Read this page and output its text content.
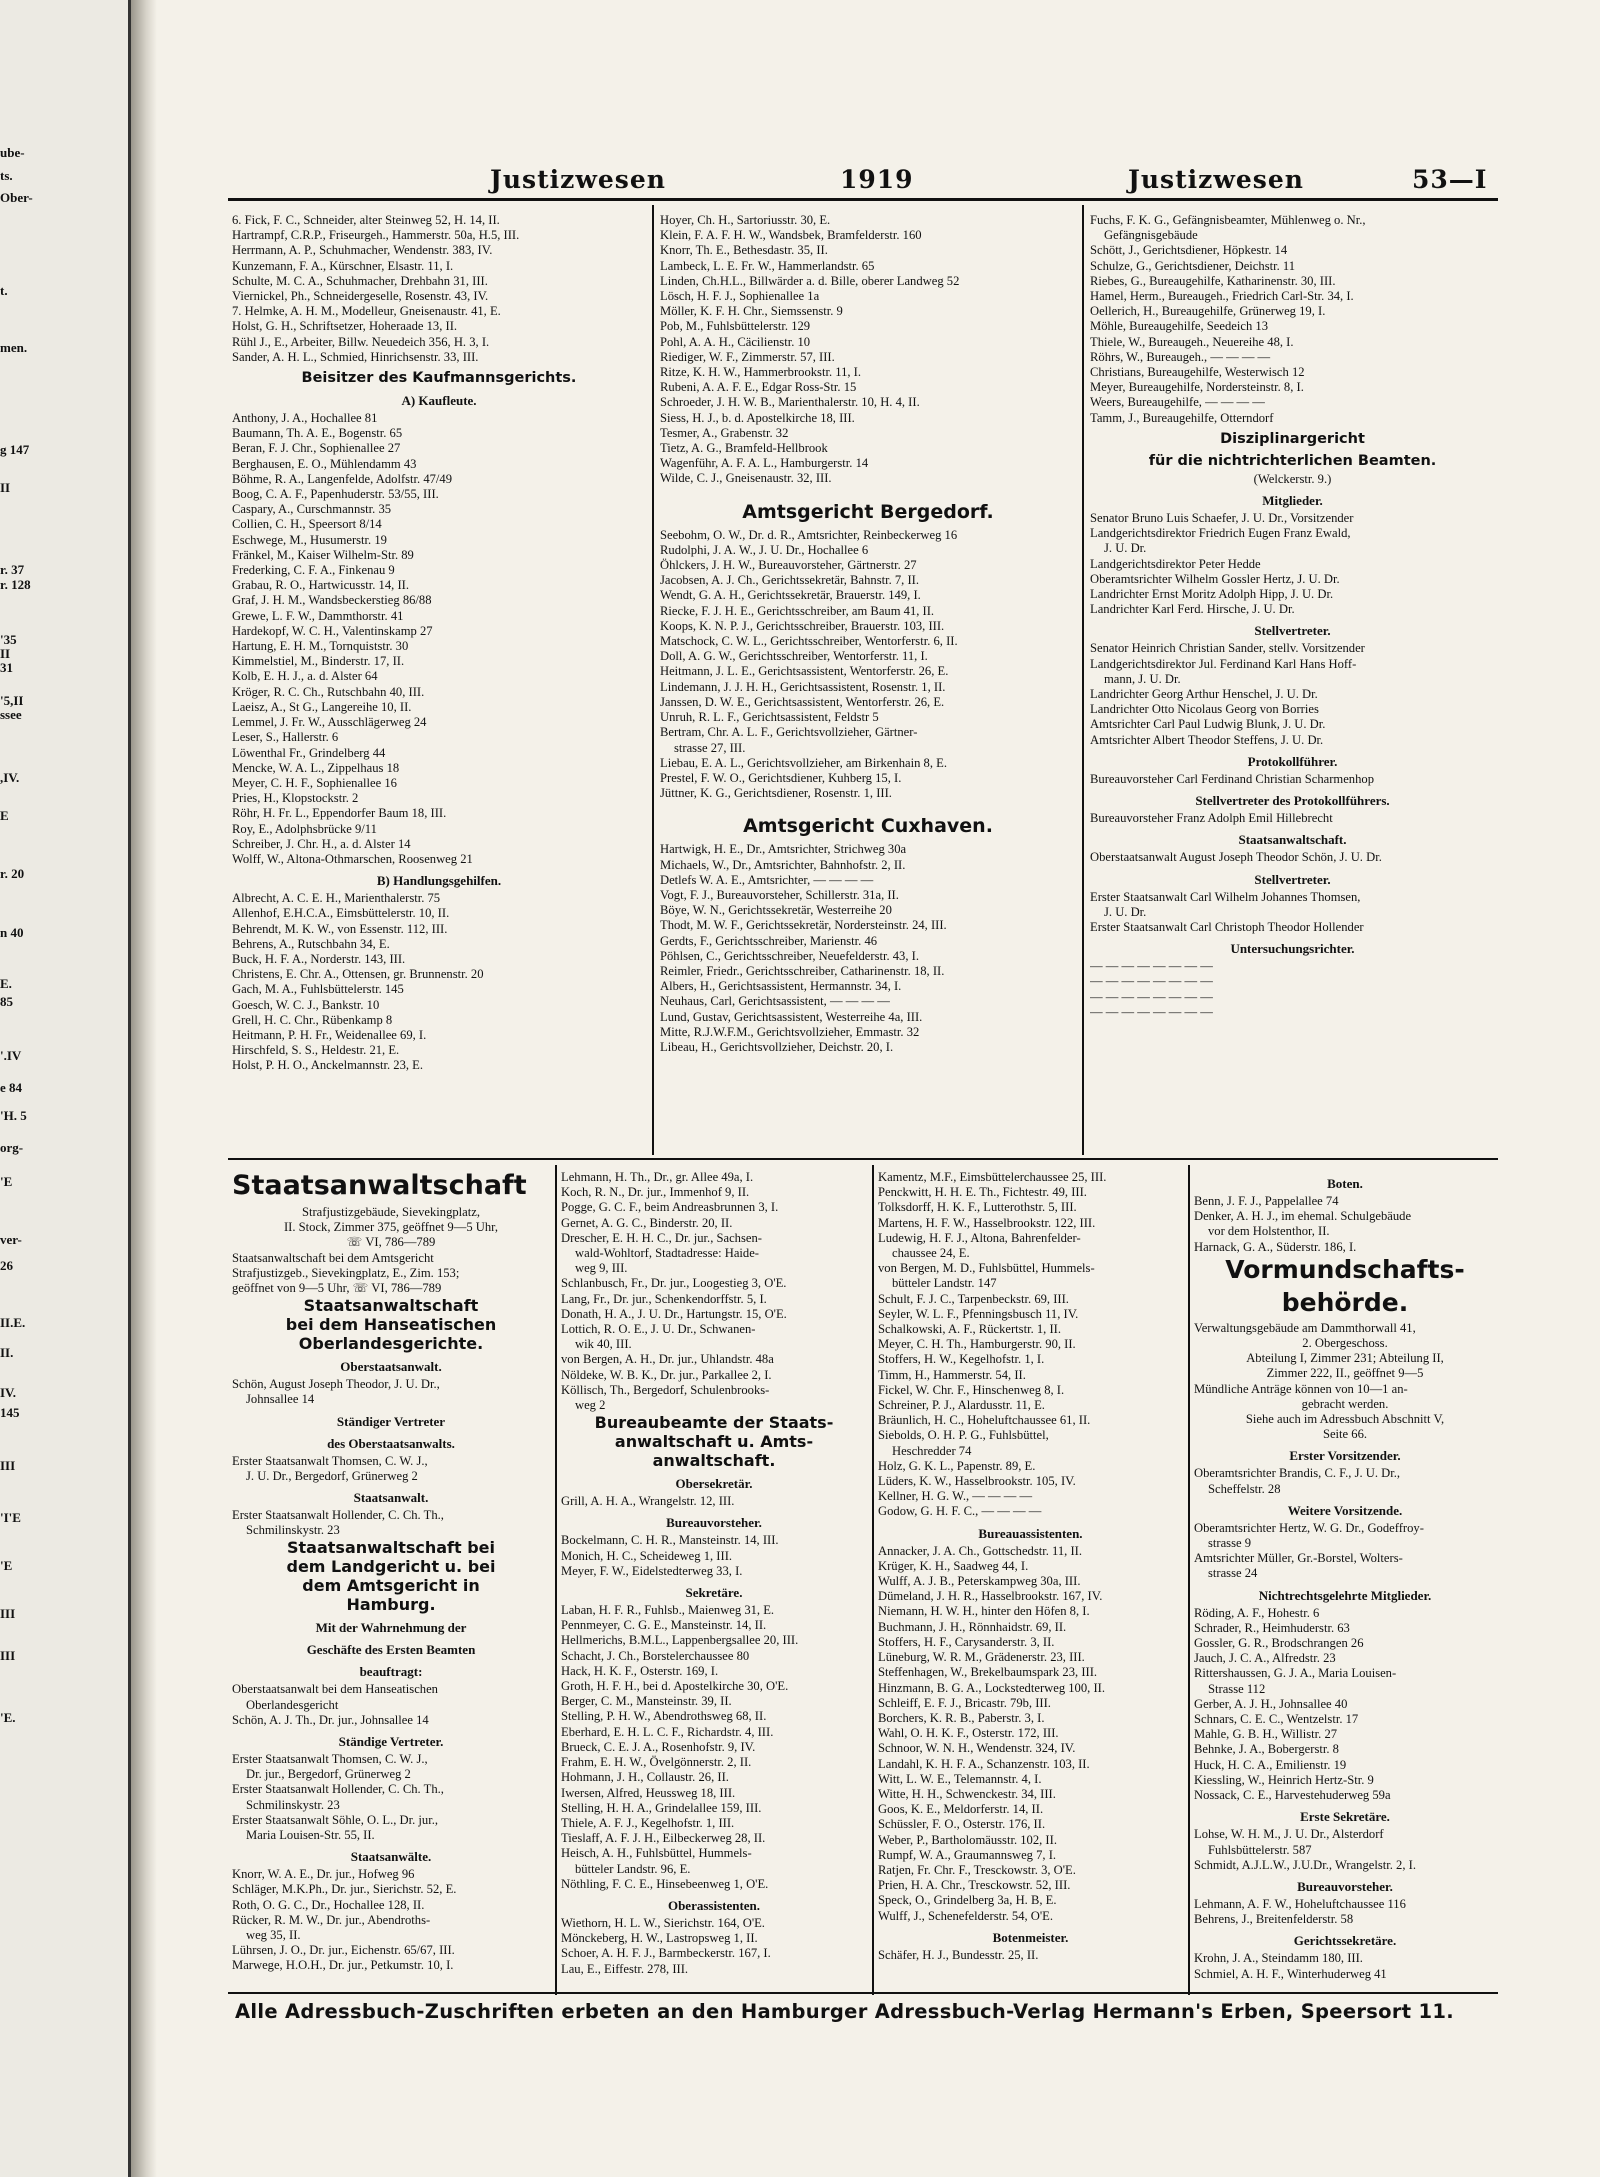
ube-
ts.
Ober-
t.
men.
g 147
II
r. 37
r. 128
'35
II
31
'5,II
ssee
,IV.
E
r. 20
n 40
E.
85
'.IV
e 84
'H. 5
org-
'E
ver-
26
II.E.
II.
IV.
145
III
'I'E
'E
III
III
'E.
Justizwesen	1919	Justizwesen	53—I
6. Fick, F. C., Schneider, alter Steinweg 52, H. 14, II.
Hartrampf, C.R.P., Friseurgeh., Hammerstr. 50a, H.5, III.
Herrmann, A. P., Schuhmacher, Wendenstr. 383, IV.
Kunzemann, F. A., Kürschner, Elsastr. 11, I.
Schulte, M. C. A., Schuhmacher, Drehbahn 31, III.
Viernickel, Ph., Schneidergeselle, Rosenstr. 43, IV.
7. Helmke, A. H. M., Modelleur, Gneisenaustr. 41, E.
Holst, G. H., Schriftsetzer, Hoheraade 13, II.
Rühl J., E., Arbeiter, Billw. Neuedeich 356, H. 3, I.
Sander, A. H. L., Schmied, Hinrichsenstr. 33, III.
Beisitzer des Kaufmannsgerichts.
A) Kaufleute.
Anthony, J. A., Hochallee 81
Baumann, Th. A. E., Bogenstr. 65
Beran, F. J. Chr., Sophienallee 27
Berghausen, E. O., Mühlendamm 43
Böhme, R. A., Langenfelde, Adolfstr. 47/49
Boog, C. A. F., Papenhuderstr. 53/55, III.
Caspary, A., Curschmannstr. 35
Collien, C. H., Speersort 8/14
Eschwege, M., Husumerstr. 19
Fränkel, M., Kaiser Wilhelm-Str. 89
Frederking, C. F. A., Finkenau 9
Grabau, R. O., Hartwicusstr. 14, II.
Graf, J. H. M., Wandsbeckerstieg 86/88
Grewe, L. F. W., Dammthorstr. 41
Hardekopf, W. C. H., Valentinskamp 27
Hartung, E. H. M., Tornquiststr. 30
Kimmelstiel, M., Binderstr. 17, II.
Kolb, E. H. J., a. d. Alster 64
Kröger, R. C. Ch., Rutschbahn 40, III.
Laeisz, A., St G., Langereihe 10, II.
Lemmel, J. Fr. W., Ausschlägerweg 24
Leser, S., Hallerstr. 6
Löwenthal Fr., Grindelberg 44
Mencke, W. A. L., Zippelhaus 18
Meyer, C. H. F., Sophienallee 16
Pries, H., Klopstockstr. 2
Röhr, H. Fr. L., Eppendorfer Baum 18, III.
Roy, E., Adolphsbrücke 9/11
Schreiber, J. Chr. H., a. d. Alster 14
Wolff, W., Altona-Othmarschen, Roosenweg 21
B) Handlungsgehilfen.
Albrecht, A. C. E. H., Marienthalerstr. 75
Allenhof, E.H.C.A., Eimsbüttelerstr. 10, II.
Behrendt, M. K. W., von Essenstr. 112, III.
Behrens, A., Rutschbahn 34, E.
Buck, H. F. A., Norderstr. 143, III.
Christens, E. Chr. A., Ottensen, gr. Brunnenstr. 20
Gach, M. A., Fuhlsbüttelerstr. 145
Goesch, W. C. J., Bankstr. 10
Grell, H. C. Chr., Rübenkamp 8
Heitmann, P. H. Fr., Weidenallee 69, I.
Hirschfeld, S. S., Heldestr. 21, E.
Holst, P. H. O., Anckelmannstr. 23, E.
Hoyer, Ch. H., Sartoriusstr. 30, E.
Klein, F. A. F. H. W., Wandsbek, Bramfelderstr. 160
Knorr, Th. E., Bethesdastr. 35, II.
Lambeck, L. E. Fr. W., Hammerlandstr. 65
Linden, Ch.H.L., Billwärder a. d. Bille, oberer Landweg 52
Lösch, H. F. J., Sophienallee 1a
Möller, K. F. H. Chr., Siemssenstr. 9
Pob, M., Fuhlsbüttelerstr. 129
Pohl, A. A. H., Cäcilienstr. 10
Riediger, W. F., Zimmerstr. 57, III.
Ritze, K. H. W., Hammerbrookstr. 11, I.
Rubeni, A. A. F. E., Edgar Ross-Str. 15
Schroeder, J. H. W. B., Marienthalerstr. 10, H. 4, II.
Siess, H. J., b. d. Apostelkirche 18, III.
Tesmer, A., Grabenstr. 32
Tietz, A. G., Bramfeld-Hellbrook
Wagenführ, A. F. A. L., Hamburgerstr. 14
Wilde, C. J., Gneisenaustr. 32, III.
Amtsgericht Bergedorf.
Seebohm, O. W., Dr. d. R., Amtsrichter, Reinbeckerweg 16
Rudolphi, J. A. W., J. U. Dr., Hochallee 6
Öhlckers, J. H. W., Bureauvorsteher, Gärtnerstr. 27
Jacobsen, A. J. Ch., Gerichtssekretär, Bahnstr. 7, II.
Wendt, G. A. H., Gerichtssekretär, Brauerstr. 149, I.
Riecke, F. J. H. E., Gerichtsschreiber, am Baum 41, II.
Koops, K. N. P. J., Gerichtsschreiber, Brauerstr. 103, III.
Matschock, C. W. L., Gerichtsschreiber, Wentorferstr. 6, II.
Doll, A. G. W., Gerichtsschreiber, Wentorferstr. 11, I.
Heitmann, J. L. E., Gerichtsassistent, Wentorferstr. 26, E.
Lindemann, J. J. H. H., Gerichtsassistent, Rosenstr. 1, II.
Janssen, D. W. E., Gerichtsassistent, Wentorferstr. 26, E.
Unruh, R. L. F., Gerichtsassistent, Feldstr 5
Bertram, Chr. A. L. F., Gerichtsvollzieher, Gärtner-
strasse 27, III.
Liebau, E. A. L., Gerichtsvollzieher, am Birkenhain 8, E.
Prestel, F. W. O., Gerichtsdiener, Kuhberg 15, I.
Jüttner, K. G., Gerichtsdiener, Rosenstr. 1, III.
Amtsgericht Cuxhaven.
Hartwigk, H. E., Dr., Amtsrichter, Strichweg 30a
Michaels, W., Dr., Amtsrichter, Bahnhofstr. 2, II.
Detlefs W. A. E., Amtsrichter, — — — —
Vogt, F. J., Bureauvorsteher, Schillerstr. 31a, II.
Böye, W. N., Gerichtssekretär, Westerreihe 20
Thodt, M. W. F., Gerichtssekretär, Nordersteinstr. 24, III.
Gerdts, F., Gerichtsschreiber, Marienstr. 46
Pöhlsen, C., Gerichtsschreiber, Neuefelderstr. 43, I.
Reimler, Friedr., Gerichtsschreiber, Catharinenstr. 18, II.
Albers, H., Gerichtsassistent, Hermannstr. 34, I.
Neuhaus, Carl, Gerichtsassistent, — — — —
Lund, Gustav, Gerichtsassistent, Westerreihe 4a, III.
Mitte, R.J.W.F.M., Gerichtsvollzieher, Emmastr. 32
Libeau, H., Gerichtsvollzieher, Deichstr. 20, I.
Fuchs, F. K. G., Gefängnisbeamter, Mühlenweg o. Nr.,
Gefängnisgebäude
Schött, J., Gerichtsdiener, Höpkestr. 14
Schulze, G., Gerichtsdiener, Deichstr. 11
Riebes, G., Bureaugehilfe, Katharinenstr. 30, III.
Hamel, Herm., Bureaugeh., Friedrich Carl-Str. 34, I.
Oellerich, H., Bureaugehilfe, Grünerweg 19, I.
Möhle, Bureaugehilfe, Seedeich 13
Thiele, W., Bureaugeh., Neuereihe 48, I.
Röhrs, W., Bureaugeh., — — — —
Christians, Bureaugehilfe, Westerwisch 12
Meyer, Bureaugehilfe, Nordersteinstr. 8, I.
Weers, Bureaugehilfe, — — — —
Tamm, J., Bureaugehilfe, Otterndorf
Disziplinargericht
für die nichtrichterlichen Beamten.
(Welckerstr. 9.)
Mitglieder.
Senator Bruno Luis Schaefer, J. U. Dr., Vorsitzender
Landgerichtsdirektor Friedrich Eugen Franz Ewald,
J. U. Dr.
Landgerichtsdirektor Peter Hedde
Oberamtsrichter Wilhelm Gossler Hertz, J. U. Dr.
Landrichter Ernst Moritz Adolph Hipp, J. U. Dr.
Landrichter Karl Ferd. Hirsche, J. U. Dr.
Stellvertreter.
Senator Heinrich Christian Sander, stellv. Vorsitzender
Landgerichtsdirektor Jul. Ferdinand Karl Hans Hoff-
mann, J. U. Dr.
Landrichter Georg Arthur Henschel, J. U. Dr.
Landrichter Otto Nicolaus Georg von Borries
Amtsrichter Carl Paul Ludwig Blunk, J. U. Dr.
Amtsrichter Albert Theodor Steffens, J. U. Dr.
Protokollführer.
Bureauvorsteher Carl Ferdinand Christian Scharmenhop
Stellvertreter des Protokollführers.
Bureauvorsteher Franz Adolph Emil Hillebrecht
Staatsanwaltschaft.
Oberstaatsanwalt August Joseph Theodor Schön, J. U. Dr.
Stellvertreter.
Erster Staatsanwalt Carl Wilhelm Johannes Thomsen,
J. U. Dr.
Erster Staatsanwalt Carl Christoph Theodor Hollender
Untersuchungsrichter.
— — — — — — — —
— — — — — — — —
— — — — — — — —
— — — — — — — —
Staatsanwaltschaft
Strafjustizgebäude, Sievekingplatz,
II. Stock, Zimmer 375, geöffnet 9—5 Uhr,
☏ VI, 786—789
Staatsanwaltschaft bei dem Amtsgericht
Strafjustizgeb., Sievekingplatz, E., Zim. 153;
geöffnet von 9—5 Uhr, ☏ VI, 786—789
Staatsanwaltschaft
bei dem Hanseatischen
Oberlandesgerichte.
Oberstaatsanwalt.
Schön, August Joseph Theodor, J. U. Dr.,
Johnsallee 14
Ständiger Vertreter
des Oberstaatsanwalts.
Erster Staatsanwalt Thomsen, C. W. J.,
J. U. Dr., Bergedorf, Grünerweg 2
Staatsanwalt.
Erster Staatsanwalt Hollender, C. Ch. Th.,
Schmilinskystr. 23
Staatsanwaltschaft bei
dem Landgericht u. bei
dem Amtsgericht in
Hamburg.
Mit der Wahrnehmung der
Geschäfte des Ersten Beamten
beauftragt:
Oberstaatsanwalt bei dem Hanseatischen
Oberlandesgericht
Schön, A. J. Th., Dr. jur., Johnsallee 14
Ständige Vertreter.
Erster Staatsanwalt Thomsen, C. W. J.,
Dr. jur., Bergedorf, Grünerweg 2
Erster Staatsanwalt Hollender, C. Ch. Th.,
Schmilinskystr. 23
Erster Staatsanwalt Söhle, O. L., Dr. jur.,
Maria Louisen-Str. 55, II.
Staatsanwälte.
Knorr, W. A. E., Dr. jur., Hofweg 96
Schläger, M.K.Ph., Dr. jur., Sierichstr. 52, E.
Roth, O. G. C., Dr., Hochallee 128, II.
Rücker, R. M. W., Dr. jur., Abendroths-
weg 35, II.
Lührsen, J. O., Dr. jur., Eichenstr. 65/67, III.
Marwege, H.O.H., Dr. jur., Petkumstr. 10, I.
Lehmann, H. Th., Dr., gr. Allee 49a, I.
Koch, R. N., Dr. jur., Immenhof 9, II.
Pogge, G. C. F., beim Andreasbrunnen 3, I.
Gernet, A. G. C., Binderstr. 20, II.
Drescher, E. H. H. C., Dr. jur., Sachsen-
wald-Wohltorf, Stadtadresse: Haide-
weg 9, III.
Schlanbusch, Fr., Dr. jur., Loogestieg 3, O'E.
Lang, Fr., Dr. jur., Schenkendorffstr. 5, I.
Donath, H. A., J. U. Dr., Hartungstr. 15, O'E.
Lottich, R. O. E., J. U. Dr., Schwanen-
wik 40, III.
von Bergen, A. H., Dr. jur., Uhlandstr. 48a
Nöldeke, W. B. K., Dr. jur., Parkallee 2, I.
Köllisch, Th., Bergedorf, Schulenbrooks-
weg 2
Bureaubeamte der Staats-
anwaltschaft u. Amts-
anwaltschaft.
Obersekretär.
Grill, A. H. A., Wrangelstr. 12, III.
Bureauvorsteher.
Bockelmann, C. H. R., Mansteinstr. 14, III.
Monich, H. C., Scheideweg 1, III.
Meyer, F. W., Eidelstedterweg 33, I.
Sekretäre.
Laban, H. F. R., Fuhlsb., Maienweg 31, E.
Pennmeyer, C. G. E., Mansteinstr. 14, II.
Hellmerichs, B.M.L., Lappenbergsallee 20, III.
Schacht, J. Ch., Borstelerchaussee 80
Hack, H. K. F., Osterstr. 169, I.
Groth, H. F. H., bei d. Apostelkirche 30, O'E.
Berger, C. M., Mansteinstr. 39, II.
Stelling, P. H. W., Abendrothsweg 68, II.
Eberhard, E. H. L. C. F., Richardstr. 4, III.
Brueck, C. E. J. A., Rosenhofstr. 9, IV.
Frahm, E. H. W., Övelgönnerstr. 2, II.
Hohmann, J. H., Collaustr. 26, II.
Iwersen, Alfred, Heussweg 18, III.
Stelling, H. H. A., Grindelallee 159, III.
Thiele, A. F. J., Kegelhofstr. 1, III.
Tieslaff, A. F. J. H., Eilbeckerweg 28, II.
Heisch, A. H., Fuhlsbüttel, Hummels-
bütteler Landstr. 96, E.
Nöthling, F. C. E., Hinsebeenweg 1, O'E.
Oberassistenten.
Wiethorn, H. L. W., Sierichstr. 164, O'E.
Mönckeberg, H. W., Lastropsweg 1, II.
Schoer, A. H. F. J., Barmbeckerstr. 167, I.
Lau, E., Eiffestr. 278, III.
Kamentz, M.F., Eimsbüttelerchaussee 25, III.
Penckwitt, H. H. E. Th., Fichtestr. 49, III.
Tolksdorff, H. K. F., Lutterothstr. 5, III.
Martens, H. F. W., Hasselbrookstr. 122, III.
Ludewig, H. F. J., Altona, Bahrenfelder-
chaussee 24, E.
von Bergen, M. D., Fuhlsbüttel, Hummels-
bütteler Landstr. 147
Schult, F. J. C., Tarpenbeckstr. 69, III.
Seyler, W. L. F., Pfenningsbusch 11, IV.
Schalkowski, A. F., Rückertstr. 1, II.
Meyer, C. H. Th., Hamburgerstr. 90, II.
Stoffers, H. W., Kegelhofstr. 1, I.
Timm, H., Hammerstr. 54, II.
Fickel, W. Chr. F., Hinschenweg 8, I.
Schreiner, P. J., Alardusstr. 11, E.
Bräunlich, H. C., Hoheluftchaussee 61, II.
Siebolds, O. H. P. G., Fuhlsbüttel,
Heschredder 74
Holz, G. K. L., Papenstr. 89, E.
Lüders, K. W., Hasselbrookstr. 105, IV.
Kellner, H. G. W., — — — —
Godow, G. H. F. C., — — — —
Bureauassistenten.
Annacker, J. A. Ch., Gottschedstr. 11, II.
Krüger, K. H., Saadweg 44, I.
Wulff, A. J. B., Peterskampweg 30a, III.
Dümeland, J. H. R., Hasselbrookstr. 167, IV.
Niemann, H. W. H., hinter den Höfen 8, I.
Buchmann, J. H., Rönnhaidstr. 69, II.
Stoffers, H. F., Carysanderstr. 3, II.
Lüneburg, W. R. M., Grädenerstr. 23, III.
Steffenhagen, W., Brekelbaumspark 23, III.
Hinzmann, B. G. A., Lockstedterweg 100, II.
Schleiff, E. F. J., Bricastr. 79b, III.
Borchers, K. R. B., Paberstr. 3, I.
Wahl, O. H. K. F., Osterstr. 172, III.
Schnoor, W. N. H., Wendenstr. 324, IV.
Landahl, K. H. F. A., Schanzenstr. 103, II.
Witt, L. W. E., Telemannstr. 4, I.
Witte, H. H., Schwenckestr. 34, III.
Goos, K. E., Meldorferstr. 14, II.
Schüssler, F. O., Osterstr. 176, II.
Weber, P., Bartholomäusstr. 102, II.
Rumpf, W. A., Graumannsweg 7, I.
Ratjen, Fr. Chr. F., Tresckowstr. 3, O'E.
Prien, H. A. Chr., Tresckowstr. 52, III.
Speck, O., Grindelberg 3a, H. B, E.
Wulff, J., Schenefelderstr. 54, O'E.
Botenmeister.
Schäfer, H. J., Bundesstr. 25, II.
Boten.
Benn, J. F. J., Pappelallee 74
Denker, A. H. J., im ehemal. Schulgebäude
vor dem Holstenthor, II.
Harnack, G. A., Süderstr. 186, I.
Vormundschafts-
behörde.
Verwaltungsgebäude am Dammthorwall 41,
2. Obergeschoss.
Abteilung I, Zimmer 231; Abteilung II,
Zimmer 222, II., geöffnet 9—5
Mündliche Anträge können von 10—1 an-
gebracht werden.
Siehe auch im Adressbuch Abschnitt V,
Seite 66.
Erster Vorsitzender.
Oberamtsrichter Brandis, C. F., J. U. Dr.,
Scheffelstr. 28
Weitere Vorsitzende.
Oberamtsrichter Hertz, W. G. Dr., Godeffroy-
strasse 9
Amtsrichter Müller, Gr.-Borstel, Wolters-
strasse 24
Nichtrechtsgelehrte Mitglieder.
Röding, A. F., Hohestr. 6
Schrader, R., Heimhuderstr. 63
Gossler, G. R., Brodschrangen 26
Jauch, J. C. A., Alfredstr. 23
Rittershaussen, G. J. A., Maria Louisen-
Strasse 112
Gerber, A. J. H., Johnsallee 40
Schnars, C. E. C., Wentzelstr. 17
Mahle, G. B. H., Willistr. 27
Behnke, J. A., Bobergerstr. 8
Huck, H. C. A., Emilienstr. 19
Kiessling, W., Heinrich Hertz-Str. 9
Nossack, C. E., Harvestehuderweg 59a
Erste Sekretäre.
Lohse, W. H. M., J. U. Dr., Alsterdorf
Fuhlsbüttelerstr. 587
Schmidt, A.J.L.W., J.U.Dr., Wrangelstr. 2, I.
Bureauvorsteher.
Lehmann, A. F. W., Hoheluftchaussee 116
Behrens, J., Breitenfelderstr. 58
Gerichtssekretäre.
Krohn, J. A., Steindamm 180, III.
Schmiel, A. H. F., Winterhuderweg 41
Alle Adressbuch-Zuschriften erbeten an den Hamburger Adressbuch-Verlag Hermann's Erben, Speersort 11.
